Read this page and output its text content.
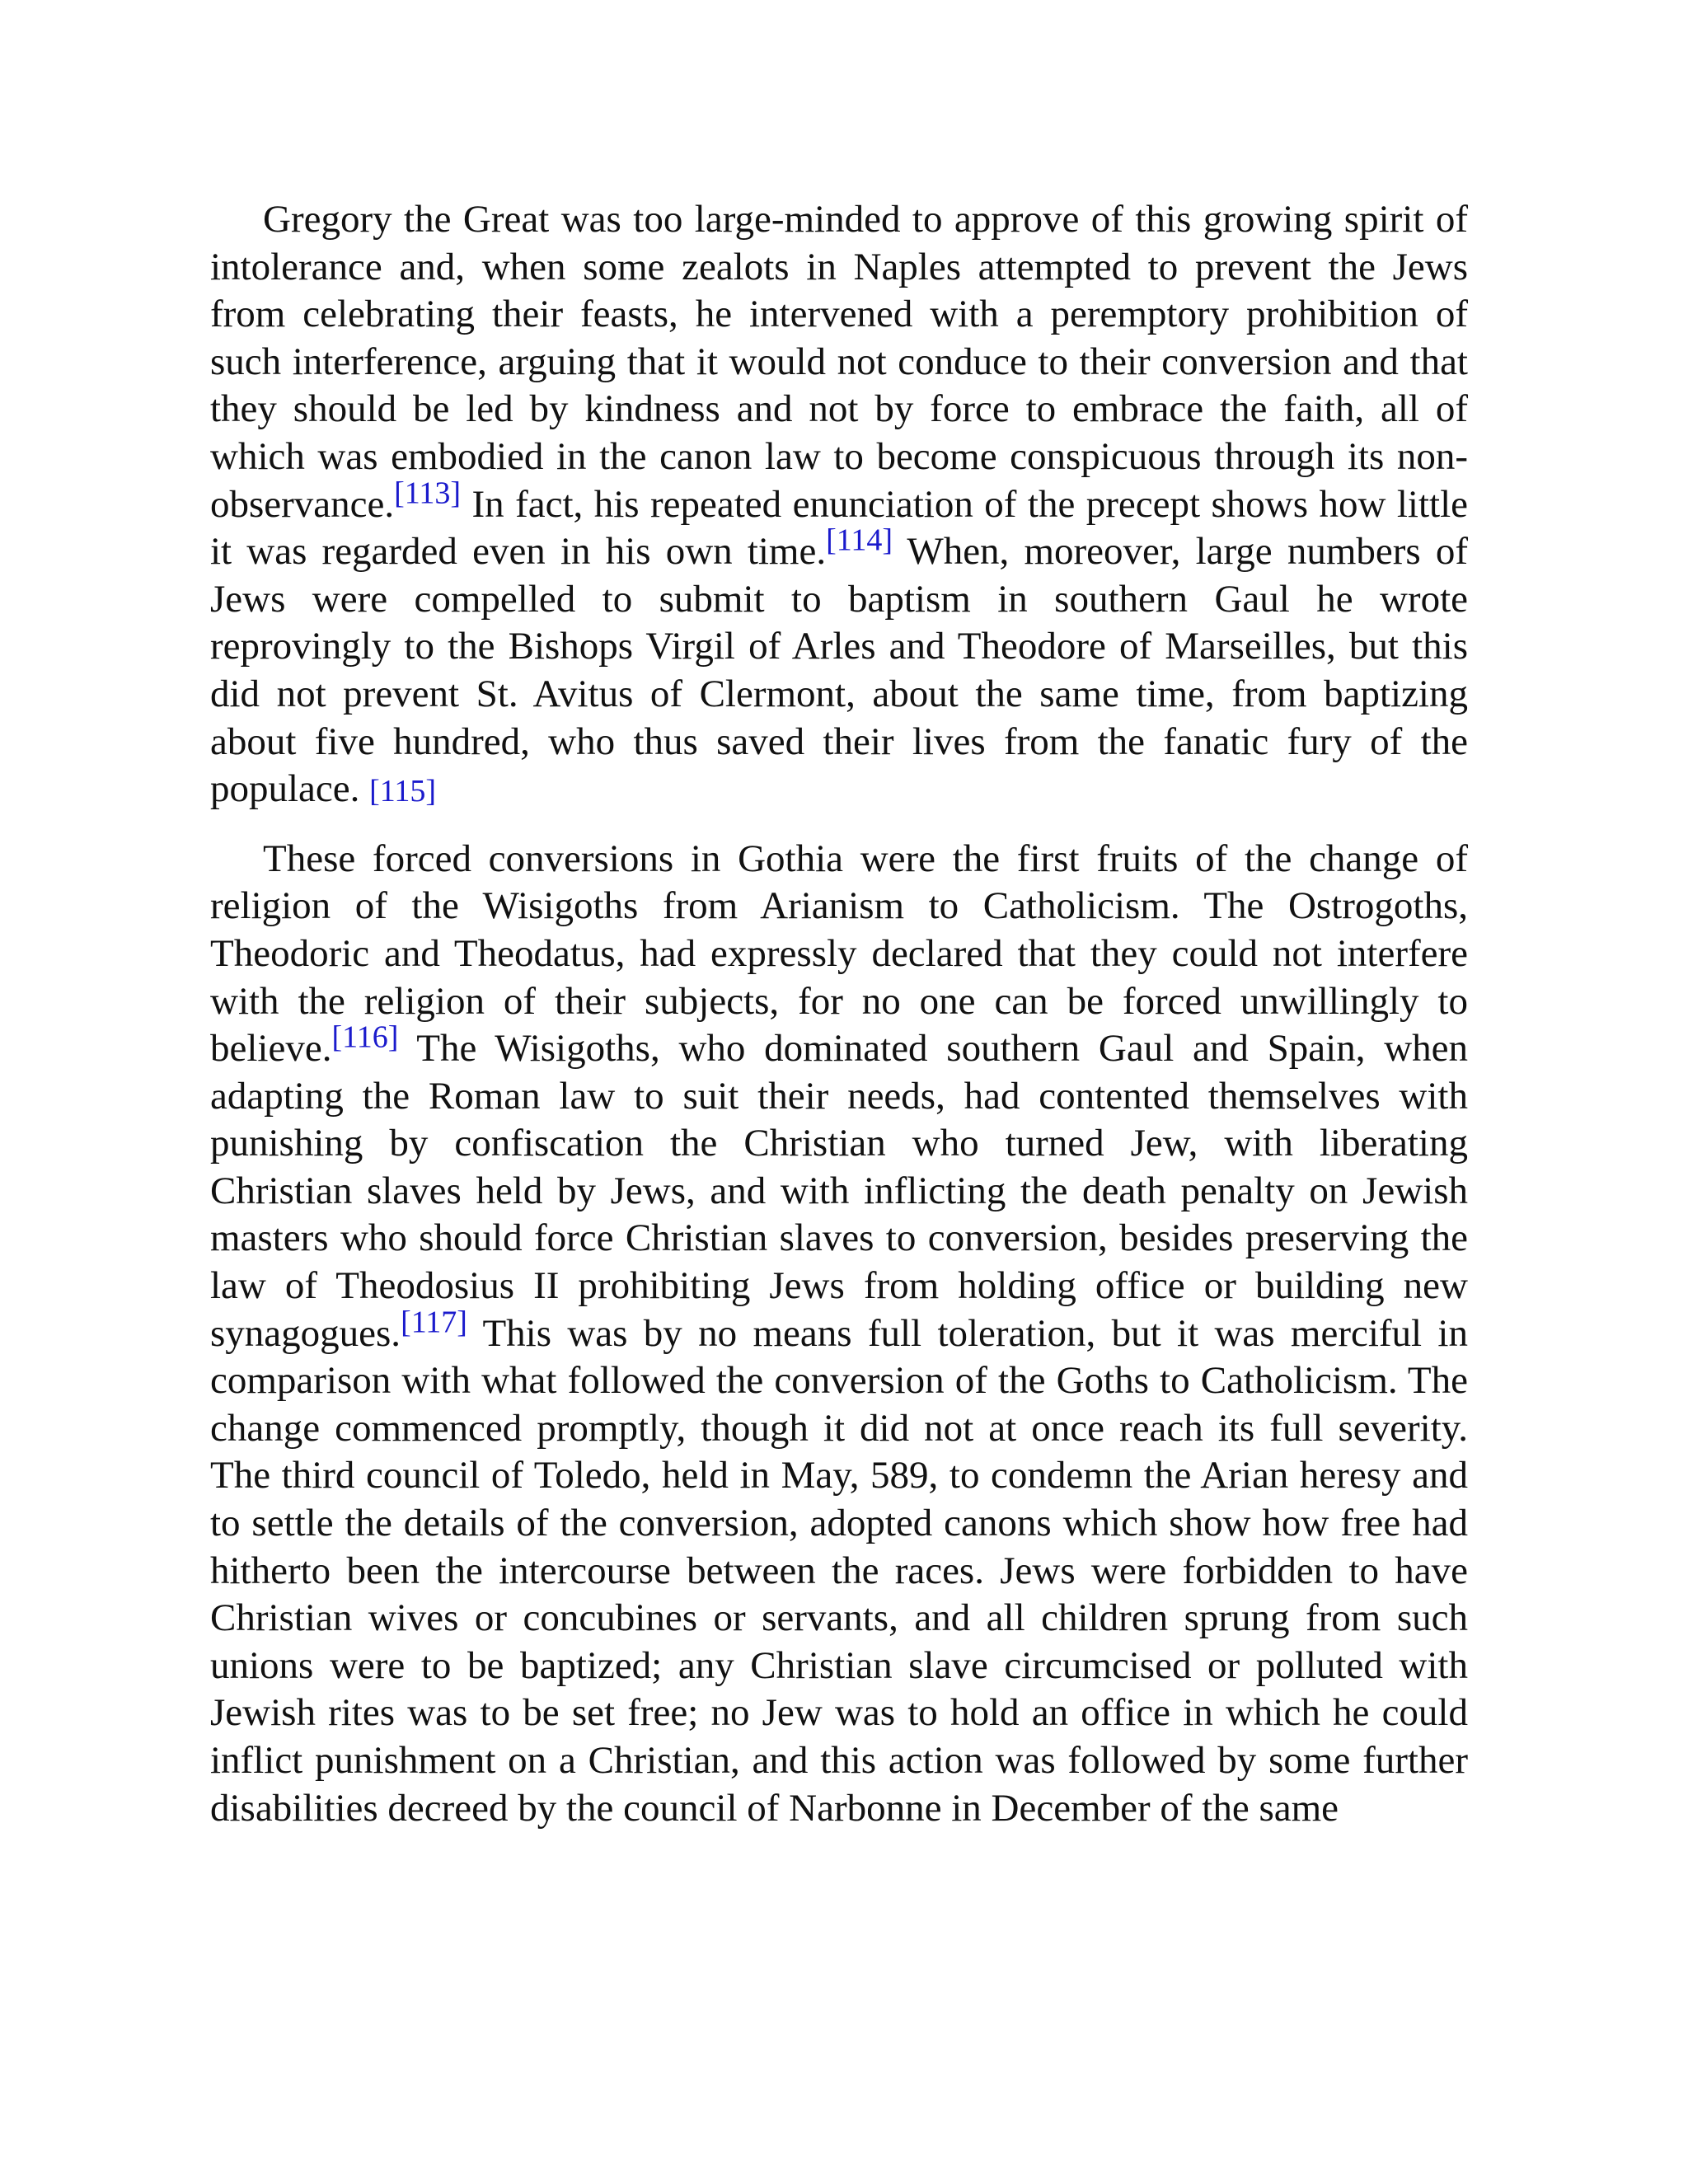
Gregory the Great was too large-minded to approve of this growing spirit of intolerance and, when some zealots in Naples attempted to prevent the Jews from celebrating their feasts, he intervened with a peremptory prohibition of such interference, arguing that it would not conduce to their conversion and that they should be led by kindness and not by force to embrace the faith, all of which was embodied in the canon law to become conspicuous through its non-observance.[113] In fact, his repeated enunciation of the precept shows how little it was regarded even in his own time.[114] When, moreover, large numbers of Jews were compelled to submit to baptism in southern Gaul he wrote reprovingly to the Bishops Virgil of Arles and Theodore of Marseilles, but this did not prevent St. Avitus of Clermont, about the same time, from baptizing about five hundred, who thus saved their lives from the fanatic fury of the populace. [115]

These forced conversions in Gothia were the first fruits of the change of religion of the Wisigoths from Arianism to Catholicism. The Ostrogoths, Theodoric and Theodatus, had expressly declared that they could not interfere with the religion of their subjects, for no one can be forced unwillingly to believe.[116] The Wisigoths, who dominated southern Gaul and Spain, when adapting the Roman law to suit their needs, had contented themselves with punishing by confiscation the Christian who turned Jew, with liberating Christian slaves held by Jews, and with inflicting the death penalty on Jewish masters who should force Christian slaves to conversion, besides preserving the law of Theodosius II prohibiting Jews from holding office or building new synagogues.[117] This was by no means full toleration, but it was merciful in comparison with what followed the conversion of the Goths to Catholicism. The change commenced promptly, though it did not at once reach its full severity. The third council of Toledo, held in May, 589, to condemn the Arian heresy and to settle the details of the conversion, adopted canons which show how free had hitherto been the intercourse between the races. Jews were forbidden to have Christian wives or concubines or servants, and all children sprung from such unions were to be baptized; any Christian slave circumcised or polluted with Jewish rites was to be set free; no Jew was to hold an office in which he could inflict punishment on a Christian, and this action was followed by some further disabilities decreed by the council of Narbonne in December of the same
